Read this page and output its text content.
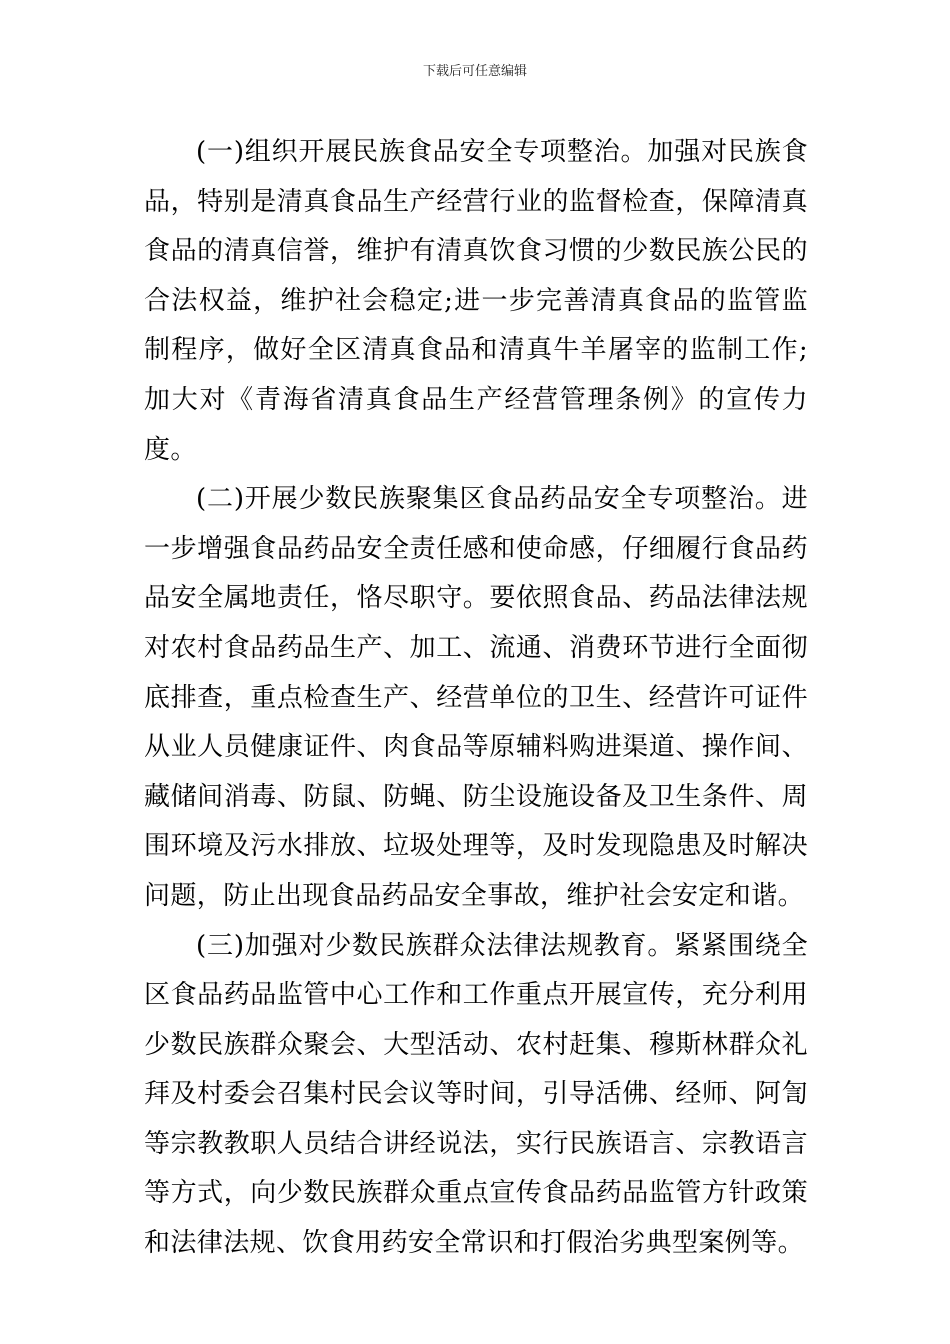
下载后可任意编辑

(一)组织开展民族食品安全专项整治。加强对民族食品，特别是清真食品生产经营行业的监督检查，保障清真食品的清真信誉，维护有清真饮食习惯的少数民族公民的合法权益，维护社会稳定;进一步完善清真食品的监管监制程序，做好全区清真食品和清真牛羊屠宰的监制工作;加大对《青海省清真食品生产经营管理条例》的宣传力度。

(二)开展少数民族聚集区食品药品安全专项整治。进一步增强食品药品安全责任感和使命感，仔细履行食品药品安全属地责任，恪尽职守。要依照食品、药品法律法规对农村食品药品生产、加工、流通、消费环节进行全面彻底排查，重点检查生产、经营单位的卫生、经营许可证件从业人员健康证件、肉食品等原辅料购进渠道、操作间、藏储间消毒、防鼠、防蝇、防尘设施设备及卫生条件、周围环境及污水排放、垃圾处理等，及时发现隐患及时解决问题，防止出现食品药品安全事故，维护社会安定和谐。

(三)加强对少数民族群众法律法规教育。紧紧围绕全区食品药品监管中心工作和工作重点开展宣传，充分利用少数民族群众聚会、大型活动、农村赶集、穆斯林群众礼拜及村委会召集村民会议等时间，引导活佛、经师、阿訇等宗教教职人员结合讲经说法，实行民族语言、宗教语言等方式，向少数民族群众重点宣传食品药品监管方针政策和法律法规、饮食用药安全常识和打假治劣典型案例等。
